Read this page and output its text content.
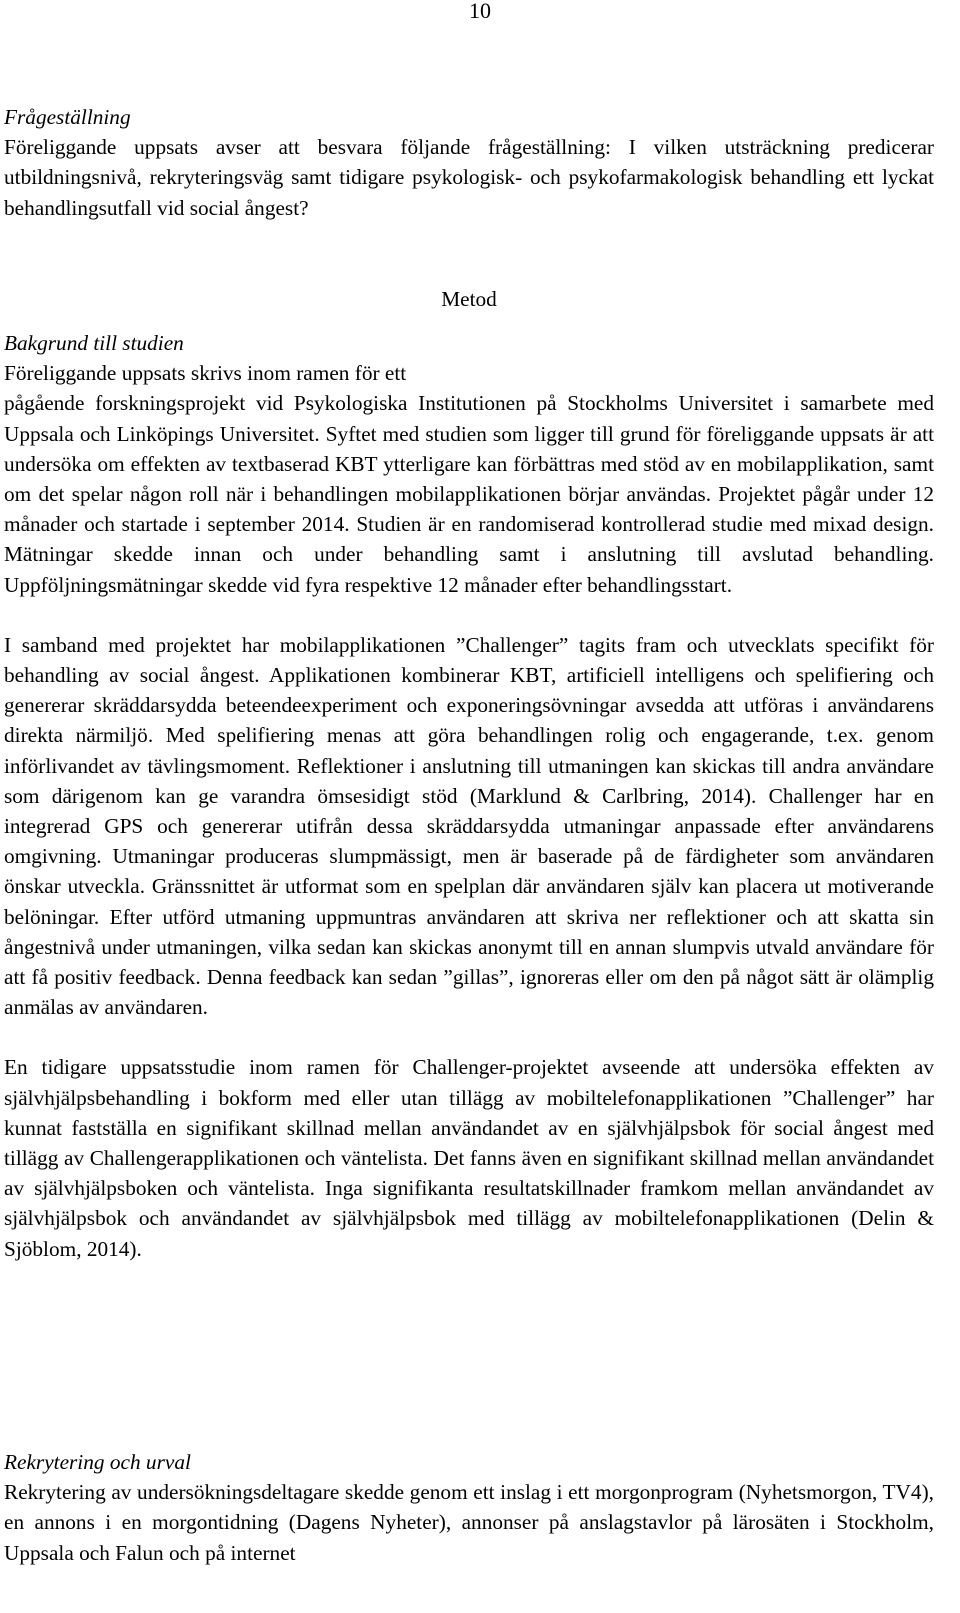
10

Frågeställning

Föreliggande uppsats avser att besvara följande frågeställning: I vilken utsträckning predicerar utbildningsnivå, rekryteringsväg samt tidigare psykologisk- och psykofarmakologisk behandling ett lyckat behandlingsutfall vid social ångest?

Metod

Bakgrund till studien

Föreliggande uppsats skrivs inom ramen för ett

pågående forskningsprojekt vid Psykologiska Institutionen på Stockholms Universitet i samarbete med Uppsala och Linköpings Universitet. Syftet med studien som ligger till grund för föreliggande uppsats är att undersöka om effekten av textbaserad KBT ytterligare kan förbättras med stöd av en mobilapplikation, samt om det spelar någon roll när i behandlingen mobilapplikationen börjar användas. Projektet pågår under 12 månader och startade i september 2014. Studien är en randomiserad kontrollerad studie med mixad design. Mätningar skedde innan och under behandling samt i anslutning till avslutad behandling. Uppföljningsmätningar skedde vid fyra respektive 12 månader efter behandlingsstart.

I samband med projektet har mobilapplikationen ”Challenger” tagits fram och utvecklats specifikt för behandling av social ångest. Applikationen kombinerar KBT, artificiell intelligens och spelifiering och genererar skräddarsydda beteendeexperiment och exponeringsövningar avsedda att utföras i användarens direkta närmiljö. Med spelifiering menas att göra behandlingen rolig och engagerande, t.ex. genom införlivandet av tävlingsmoment. Reflektioner i anslutning till utmaningen kan skickas till andra användare som därigenom kan ge varandra ömsesidigt stöd (Marklund & Carlbring, 2014). Challenger har en integrerad GPS och genererar utifrån dessa skräddarsydda utmaningar anpassade efter användarens omgivning. Utmaningar produceras slumpmässigt, men är baserade på de färdigheter som användaren önskar utveckla. Gränssnittet är utformat som en spelplan där användaren själv kan placera ut motiverande belöningar. Efter utförd utmaning uppmuntras användaren att skriva ner reflektioner och att skatta sin ångestnivå under utmaningen, vilka sedan kan skickas anonymt till en annan slumpvis utvald användare för att få positiv feedback. Denna feedback kan sedan ”gillas”, ignoreras eller om den på något sätt är olämplig anmälas av användaren.

En tidigare uppsatsstudie inom ramen för Challenger-projektet avseende att undersöka effekten av självhjälpsbehandling i bokform med eller utan tillägg av mobiltelefonapplikationen ”Challenger” har kunnat fastställa en signifikant skillnad mellan användandet av en självhjälpsbok för social ångest med tillägg av Challengerapplikationen och väntelista. Det fanns även en signifikant skillnad mellan användandet av självhjälpsboken och väntelista. Inga signifikanta resultatskillnader framkom mellan användandet av självhjälpsbok och användandet av självhjälpsbok med tillägg av mobiltelefonapplikationen (Delin & Sjöblom, 2014).

Rekrytering och urval

Rekrytering av undersökningsdeltagare skedde genom ett inslag i ett morgonprogram (Nyhetsmorgon, TV4), en annons i en morgontidning (Dagens Nyheter), annonser på anslagstavlor på lärosäten i Stockholm, Uppsala och Falun och på internet
